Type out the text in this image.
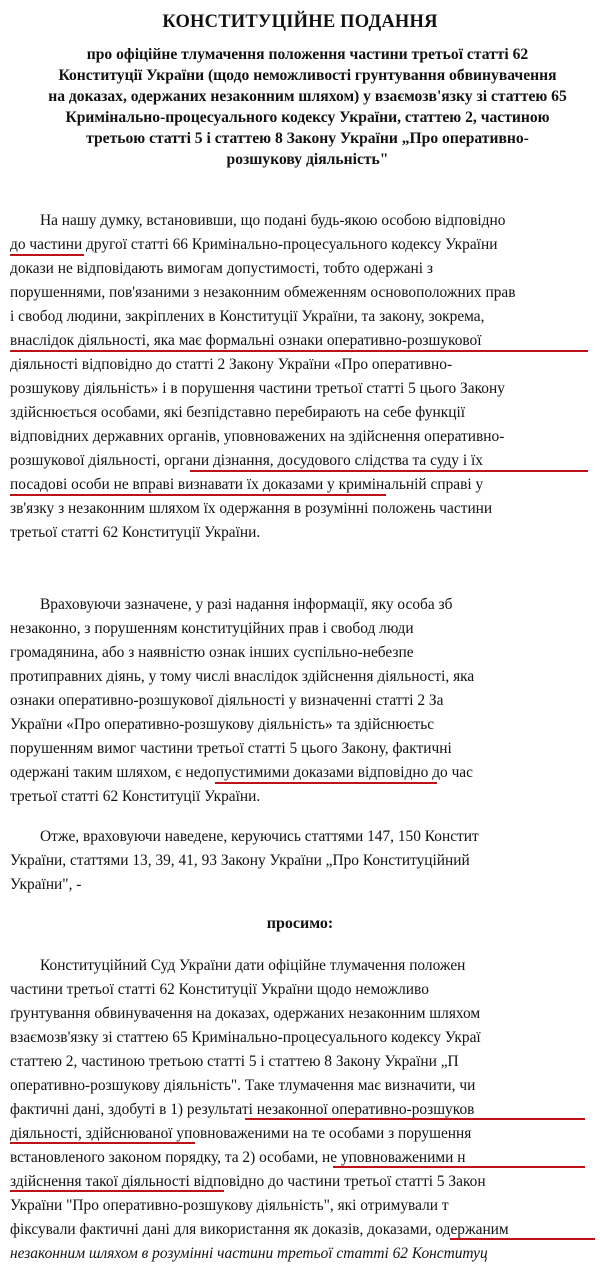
КОНСТИТУЦІЙНЕ ПОДАННЯ
про офіційне тлумачення положення частини третьої статті 62
Конституції України (щодо неможливості грунтування обвинувачення
на доказах, одержаних незаконним шляхом) у взаємозв'язку зі статтею 65
Кримінально-процесуального кодексу України, статтею 2, частиною
третьою статті 5 і статтею 8 Закону України „Про оперативно-
розшукову діяльність"
На нашу думку, встановивши, що подані будь-якою особою відповідно
до частини другої статті 66 Кримінально-процесуального кодексу України
докази не відповідають вимогам допустимості, тобто одержані з
порушеннями, пов'язаними з незаконним обмеженням основоположних прав
і свобод людини, закріплених в Конституції України, та закону, зокрема,
внаслідок діяльності, яка має формальні ознаки оперативно-розшукової
діяльності відповідно до статті 2 Закону України «Про оперативно-
розшукову діяльність» і в порушення частини третьої статті 5 цього Закону
здійснюється особами, які безпідставно перебирають на себе функції
відповідних державних органів, уповноважених на здійснення оперативно-
розшукової діяльності, органи дізнання, досудового слідства та суду і їх
посадові особи не вправі визнавати їх доказами у кримінальній справі у
зв'язку з незаконним шляхом їх одержання в розумінні положень частини
третьої статті 62 Конституції України.
Враховуючи зазначене, у разі надання інформації, яку особа зб
незаконно, з порушенням конституційних прав і свобод люди
громадянина, або з наявністю ознак інших суспільно-небезпе
протиправних діянь, у тому числі внаслідок здійснення діяльності, яка
ознаки оперативно-розшукової діяльності у визначенні статті 2 За
України «Про оперативно-розшукову діяльність» та здійснюєтьс
порушенням вимог частини третьої статті 5 цього Закону, фактичні
одержані таким шляхом, є недопустимими доказами відповідно до час
третьої статті 62 Конституції України.
Отже, враховуючи наведене, керуючись статтями 147, 150 Констит
України, статтями 13, 39, 41, 93 Закону України „Про Конституційний
України", -
просимо:
Конституційний Суд України дати офіційне тлумачення положен
частини третьої статті 62 Конституції України щодо неможливо
ґрунтування обвинувачення на доказах, одержаних незаконним шляхом
взаємозв'язку зі статтею 65 Кримінально-процесуального кодексу Украї
статтею 2, частиною третьою статті 5 і статтею 8 Закону України „П
оперативно-розшукову діяльність". Таке тлумачення має визначити, чи
фактичні дані, здобуті в 1) результаті незаконної оперативно-розшуков
діяльності, здійснюваної уповноваженими на те особами з порушення
встановленого законом порядку, та 2) особами, не уповноваженими н
здійснення такої діяльності відповідно до частини третьої статті 5 Закон
України "Про оперативно-розшукову діяльність", які отримували т
фіксували фактичні дані для використання як доказів, доказами, одержаним
незаконним шляхом в розумінні частини третьої статті 62 Конституц
